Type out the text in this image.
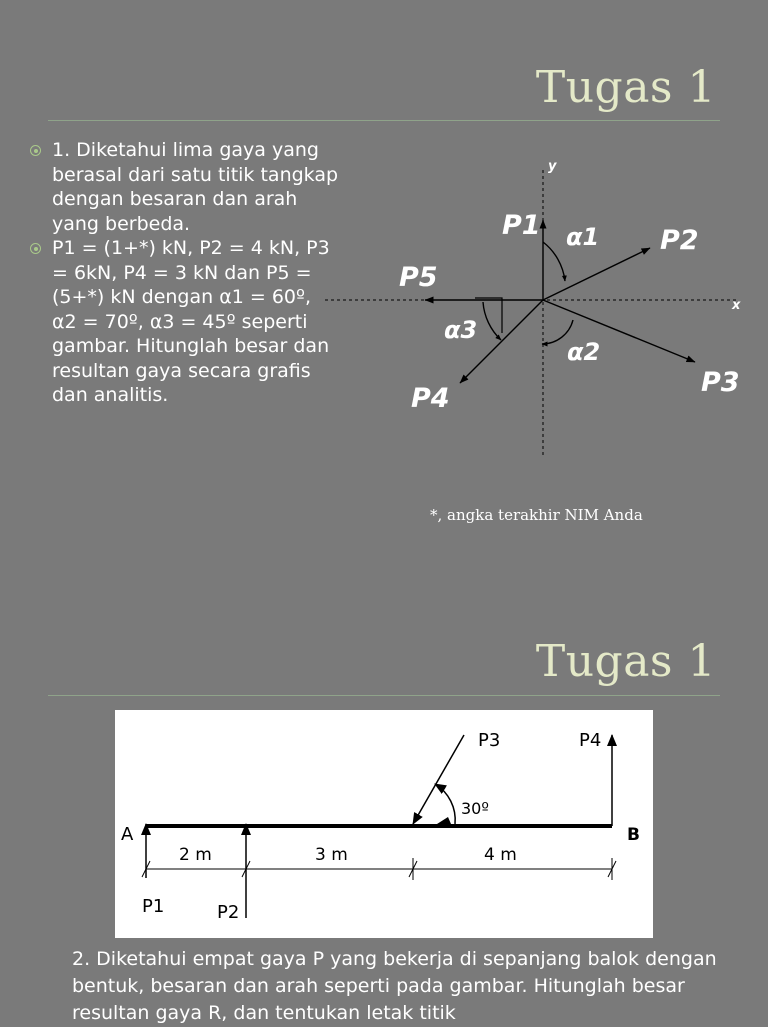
Tugas 1
1. Diketahui lima gaya yang berasal dari satu titik tangkap dengan besaran dan arah yang berbeda.
P1 = (1+*) kN, P2 = 4 kN, P3 = 6kN, P4 = 3 kN dan P5 = (5+*) kN dengan α1 = 60º, α2 = 70º, α3 = 45º seperti gambar. Hitunglah besar dan resultan gaya secara grafis dan analitis.
y
x
P1	P2
P3
P4
P5
α1
α2
α3
*, angka terakhir NIM Anda
Tugas 1
A	B
P1	P2
P3	P4
30º
2 m	3 m	4 m

2. Diketahui empat gaya P yang bekerja di sepanjang balok dengan bentuk, besaran dan arah seperti pada gambar. Hitunglah besar resultan gaya R, dan tentukan letak titik
